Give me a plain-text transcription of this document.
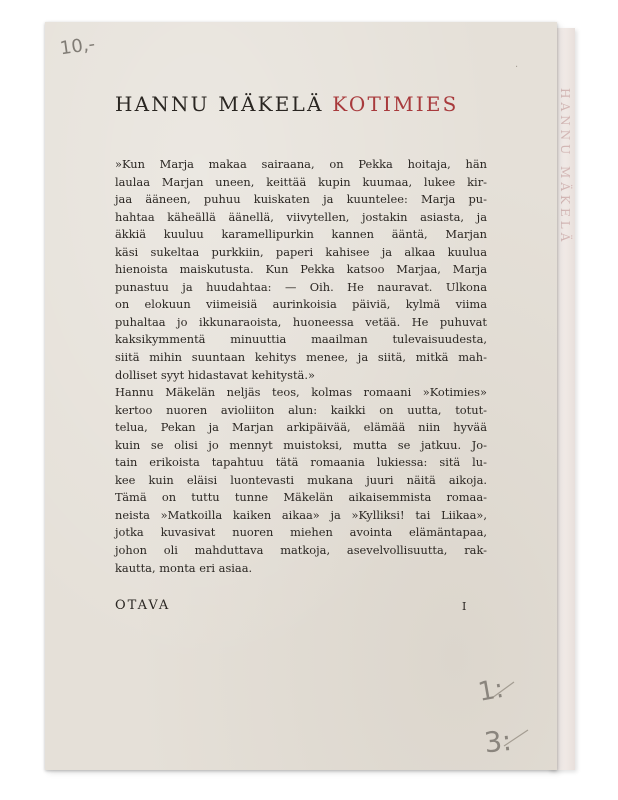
HANNU MÄKELÄ
10,-
·
HANNU MÄKELÄ KOTIMIES
»Kun Marja makaa sairaana, on Pekka hoitaja, hän
laulaa Marjan uneen, keittää kupin kuumaa, lukee kir-
jaa ääneen, puhuu kuiskaten ja kuuntelee: Marja pu-
hahtaa käheällä äänellä, viivytellen, jostakin asiasta, ja
äkkiä kuuluu karamellipurkin kannen ääntä, Marjan
käsi sukeltaa purkkiin, paperi kahisee ja alkaa kuulua
hienoista maiskutusta. Kun Pekka katsoo Marjaa, Marja
punastuu ja huudahtaa: — Oih. He nauravat. Ulkona
on elokuun viimeisiä aurinkoisia päiviä, kylmä viima
puhaltaa jo ikkunaraoista, huoneessa vetää. He puhuvat
kaksikymmentä minuuttia maailman tulevaisuudesta,
siitä mihin suuntaan kehitys menee, ja siitä, mitkä mah-
dolliset syyt hidastavat kehitystä.»
Hannu Mäkelän neljäs teos, kolmas romaani »Kotimies»
kertoo nuoren avioliiton alun: kaikki on uutta, totut-
telua, Pekan ja Marjan arkipäivää, elämää niin hyvää
kuin se olisi jo mennyt muistoksi, mutta se jatkuu. Jo-
tain erikoista tapahtuu tätä romaania lukiessa: sitä lu-
kee kuin eläisi luontevasti mukana juuri näitä aikoja.
Tämä on tuttu tunne Mäkelän aikaisemmista romaa-
neista »Matkoilla kaiken aikaa» ja »Kylliksi! tai Liikaa»,
jotka kuvasivat nuoren miehen avointa elämäntapaa,
johon oli mahduttava matkoja, asevelvollisuutta, rak-
kautta, monta eri asiaa.
OTAVA	I
1:
3:
